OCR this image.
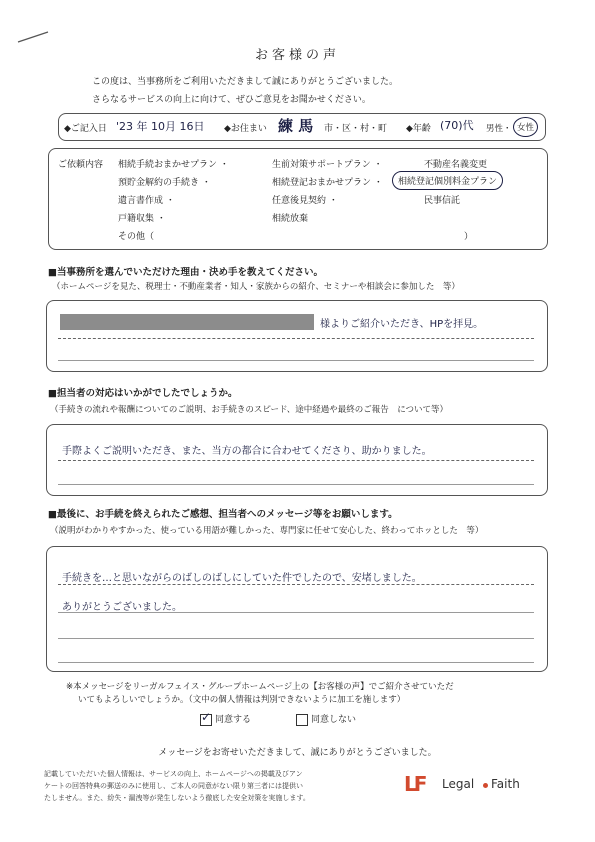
お客様の声
この度は、当事務所をご利用いただきまして誠にありがとうございました。
さらなるサービスの向上に向けて、ぜひご意見をお聞かせください。
◆ご記入日 '23 年 10月 16日 ◆お住まい 練 馬 市・区・村・町 ◆年齢 (70)代 男性・ 女性
ご依頼内容 相続手続おまかせプラン ・
預貯金解約の手続き ・
遺言書作成 ・
戸籍収集 ・
生前対策サポートプラン ・
相続登記おまかせプラン ・
任意後見契約 ・
相続放棄
不動産名義変更
相続登記個別料金プラン
民事信託
その他（	）
■当事務所を選んでいただけた理由・決め手を教えてください。
（ホームページを見た、税理士・不動産業者・知人・家族からの紹介、セミナーや相談会に参加した　等）
様よりご紹介いただき、HPを拝見。
■担当者の対応はいかがでしたでしょうか。
（手続きの流れや報酬についてのご説明、お手続きのスピード、途中経過や最終のご報告　について等）
手際よくご説明いただき、また、当方の都合に合わせてくださり、助かりました。
■最後に、お手続を終えられたご感想、担当者へのメッセージ等をお願いします。
（説明がわかりやすかった、使っている用語が難しかった、専門家に任せて安心した、終わってホッとした　等）
手続きを…と思いながらのばしのばしにしていた件でしたので、安堵しました。
ありがとうございました。
※本メッセージをリーガルフェイス・グループホームページ上の【お客様の声】でご紹介させていただ
いてもよろしいでしょうか。（文中の個人情報は判別できないように加工を施します）
✓同意する	同意しない
メッセージをお寄せいただきまして、誠にありがとうございました。
記載していただいた個人情報は、サービスの向上、ホームページへの掲載及びアン
ケートの回答特典の郵送のみに使用し、ご本人の同意がない限り第三者には提供い
たしません。また、紛失・漏洩等が発生しないよう徹底した安全対策を実施します。
LF Legal Faith
